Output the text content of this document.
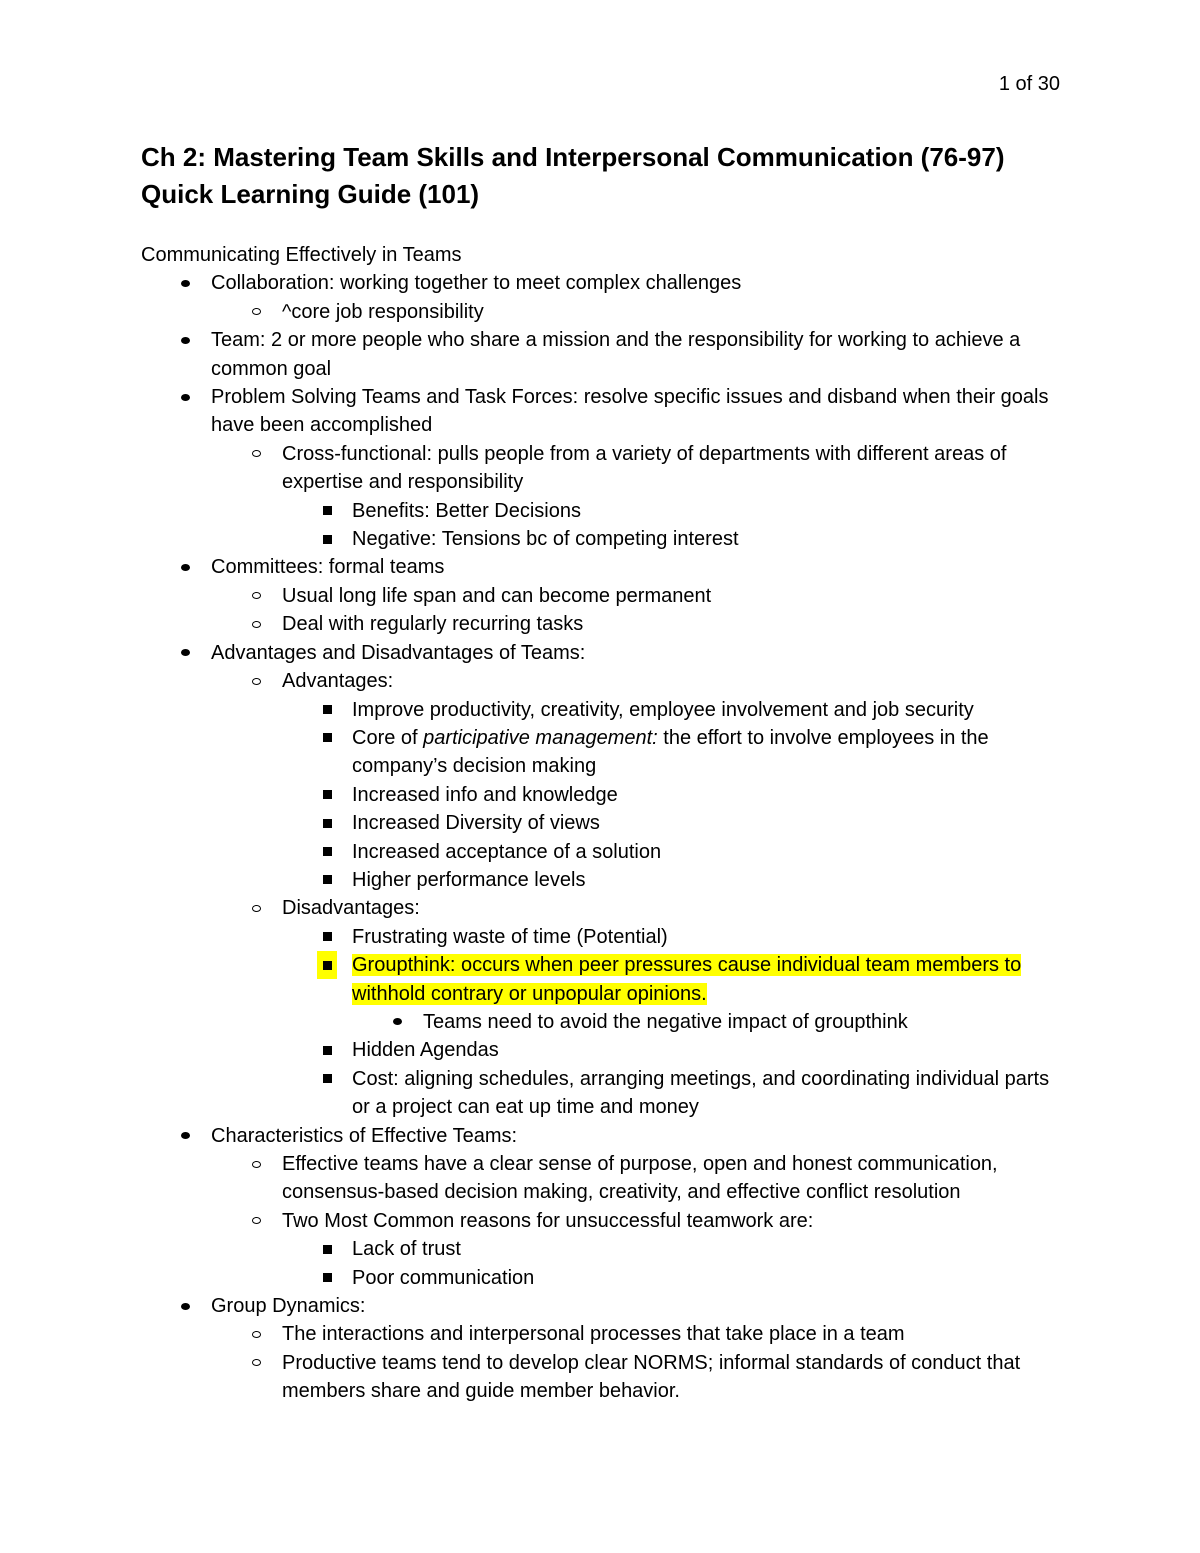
1 of 30
Ch 2: Mastering Team Skills and Interpersonal Communication (76-97)
Quick Learning Guide (101)

Communicating Effectively in Teams

Collaboration: working together to meet complex challenges
^core job responsibility
Team: 2 or more people who share a mission and the responsibility for working to achieve a common goal
Problem Solving Teams and Task Forces: resolve specific issues and disband when their goals have been accomplished
Cross-functional: pulls people from a variety of departments with different areas of expertise and responsibility
Benefits: Better Decisions
Negative: Tensions bc of competing interest
Committees: formal teams
Usual long life span and can become permanent
Deal with regularly recurring tasks
Advantages and Disadvantages of Teams:
Advantages:
Improve productivity, creativity, employee involvement and job security
Core of participative management: the effort to involve employees in the company’s decision making
Increased info and knowledge
Increased Diversity of views
Increased acceptance of a solution
Higher performance levels
Disadvantages:
Frustrating waste of time (Potential)
Groupthink: occurs when peer pressures cause individual team members to withhold contrary or unpopular opinions.
Teams need to avoid the negative impact of groupthink
Hidden Agendas
Cost: aligning schedules, arranging meetings, and coordinating individual parts or a project can eat up time and money
Characteristics of Effective Teams:
Effective teams have a clear sense of purpose, open and honest communication, consensus-based decision making, creativity, and effective conflict resolution
Two Most Common reasons for unsuccessful teamwork are:
Lack of trust
Poor communication
Group Dynamics:
The interactions and interpersonal processes that take place in a team
Productive teams tend to develop clear NORMS; informal standards of conduct that members share and guide member behavior.
